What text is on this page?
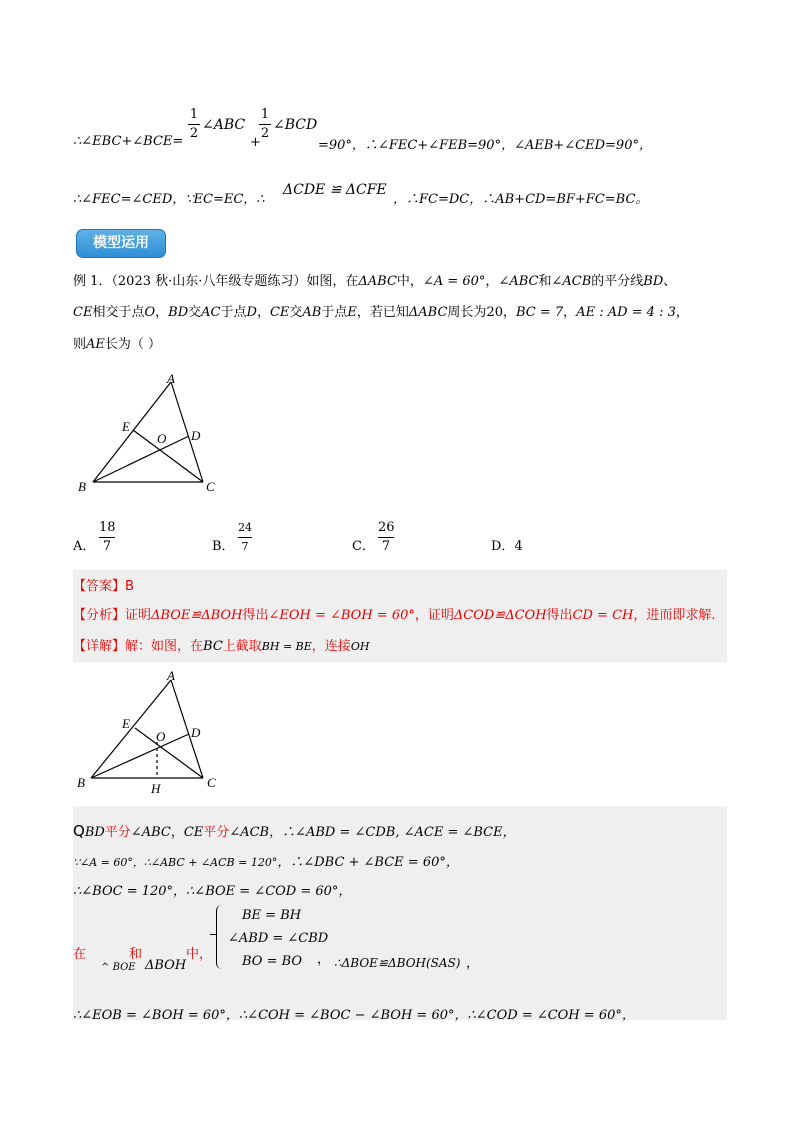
∴∠EBC+∠BCE=
1
2
∠ABC
+
1
2
∠BCD
=90°，∴∠FEC+∠FEB=90°，∠AEB+∠CED=90°，
∴∠FEC=∠CED，∵EC=EC，∴
ΔCDE ≌ ΔCFE
，∴FC=DC，∴AB+CD=BF+FC=BC。
模型运用
例 1．（2023 秋·山东·八年级专题练习）如图，在ΔABC中，∠A = 60°，∠ABC和∠ACB的平分线BD、
CE相交于点O，BD交AC于点D，CE交AB于点E，若已知ΔABC周长为20，BC = 7，AE : AD = 4 : 3，
则AE长为（ ）
A
E
O D
B	C
A．
18
7	B．
24
7	C．
26
7	D．4
【答案】B
【分析】证明ΔBOE≌ΔBOH得出∠EOH = ∠BOH = 60°，证明ΔCOD≌ΔCOH得出CD = CH，进而即求解.
【详解】解：如图，在BC上截取BH = BE，连接OH
A
E
O D
B	C
H
QBD平分∠ABC，CE平分∠ACB，∴∠ABD = ∠CDB, ∠ACE = ∠BCE，
∵∠A = 60°，∴∠ABC + ∠ACB = 120°，∴∠DBC + ∠BCE = 60°，
∴∠BOC = 120°，∴∠BOE = ∠COD = 60°，
在	和	中，
^ BOE ΔBOH
BE = BH
∠ABD = ∠CBD
BO = BO ， ∴ΔBOE≌ΔBOH(SAS) ，
∴∠EOB = ∠BOH = 60°，∴∠COH = ∠BOC − ∠BOH = 60°，∴∠COD = ∠COH = 60°，
